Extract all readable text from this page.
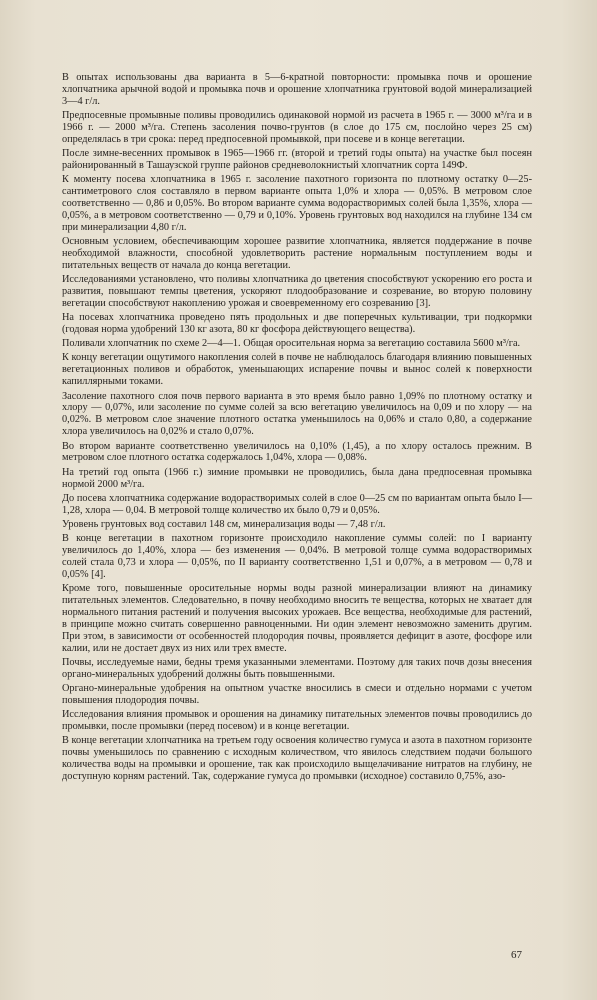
В опытах использованы два варианта в 5—6-кратной повторности: промывка почв и орошение хлопчатника арычной водой и промывка почв и орошение хлопчатника грунтовой водой минерализацией 3—4 г/л.

Предпосевные промывные поливы проводились одинаковой нормой из расчета в 1965 г. — 3000 м³/га и в 1966 г. — 2000 м³/га. Степень засоления почво-грунтов (в слое до 175 см, послойно через 25 см) определялась в три срока: перед предпосевной промывкой, при посеве и в конце вегетации.

После зимне-весенних промывок в 1965—1966 гг. (второй и третий годы опыта) на участке был посеян районированный в Ташаузской группе районов средневолокнистый хлопчатник сорта 149Ф.

К моменту посева хлопчатника в 1965 г. засоление пахотного горизонта по плотному остатку 0—25-сантиметрового слоя составляло в первом варианте опыта 1,0% и хлора — 0,05%. В метровом слое соответственно — 0,86 и 0,05%. Во втором варианте сумма водорастворимых солей была 1,35%, хлора — 0,05%, а в метровом соответственно — 0,79 и 0,10%. Уровень грунтовых вод находился на глубине 134 см при минерализации 4,80 г/л.

Основным условием, обеспечивающим хорошее развитие хлопчатника, является поддержание в почве необходимой влажности, способной удовлетворить растение нормальным поступлением воды и питательных веществ от начала до конца вегетации.

Исследованиями установлено, что поливы хлопчатника до цветения способствуют ускорению его роста и развития, повышают темпы цветения, ускоряют плодообразование и созревание, во вторую половину вегетации способствуют накоплению урожая и своевременному его созреванию [3].

На посевах хлопчатника проведено пять продольных и две поперечных культивации, три подкормки (годовая норма удобрений 130 кг азота, 80 кг фосфора действующего вещества).

Поливали хлопчатник по схеме 2—4—1. Общая оросительная норма за вегетацию составила 5600 м³/га.

К концу вегетации ощутимого накопления солей в почве не наблюдалось благодаря влиянию повышенных вегетационных поливов и обработок, уменьшающих испарение почвы и вынос солей к поверхности капиллярными токами.

Засоление пахотного слоя почв первого варианта в это время было равно 1,09% по плотному остатку и хлору — 0,07%, или засоление по сумме солей за всю вегетацию увеличилось на 0,09 и по хлору — на 0,02%. В метровом слое значение плотного остатка уменьшилось на 0,06% и стало 0,80, а содержание хлора увеличилось на 0,02% и стало 0,07%.

Во втором варианте соответственно увеличилось на 0,10% (1,45), а по хлору осталось прежним. В метровом слое плотного остатка содержалось 1,04%, хлора — 0,08%.

На третий год опыта (1966 г.) зимние промывки не проводились, была дана предпосевная промывка нормой 2000 м³/га.

До посева хлопчатника содержание водорастворимых солей в слое 0—25 см по вариантам опыта было I—1,28, хлора — 0,04. В метровой толще количество их было 0,79 и 0,05%.

Уровень грунтовых вод составил 148 см, минерализация воды — 7,48 г/л.

В конце вегетации в пахотном горизонте происходило накопление суммы солей: по I варианту увеличилось до 1,40%, хлора — без изменения — 0,04%. В метровой толще сумма водорастворимых солей стала 0,73 и хлора — 0,05%, по II варианту соответственно 1,51 и 0,07%, а в метровом — 0,78 и 0,05% [4].

Кроме того, повышенные оросительные нормы воды разной минерализации влияют на динамику питательных элементов. Следовательно, в почву необходимо вносить те вещества, которых не хватает для нормального питания растений и получения высоких урожаев. Все вещества, необходимые для растений, в принципе можно считать совершенно равноценными. Ни один элемент невозможно заменить другим. При этом, в зависимости от особенностей плодородия почвы, проявляется дефицит в азоте, фосфоре или калии, или не достает двух из них или трех вместе.

Почвы, исследуемые нами, бедны тремя указанными элементами. Поэтому для таких почв дозы внесения органо-минеральных удобрений должны быть повышенными.

Органо-минеральные удобрения на опытном участке вносились в смеси и отдельно нормами с учетом повышения плодородия почвы.

Исследования влияния промывок и орошения на динамику питательных элементов почвы проводились до промывки, после промывки (перед посевом) и в конце вегетации.

В конце вегетации хлопчатника на третьем году освоения количество гумуса и азота в пахотном горизонте почвы уменьшилось по сравнению с исходным количеством, что явилось следствием подачи большого количества воды на промывки и орошение, так как происходило выщелачивание нитратов на глубину, не доступную корням растений. Так, содержание гумуса до промывки (исходное) составило 0,75%, азо-

67
